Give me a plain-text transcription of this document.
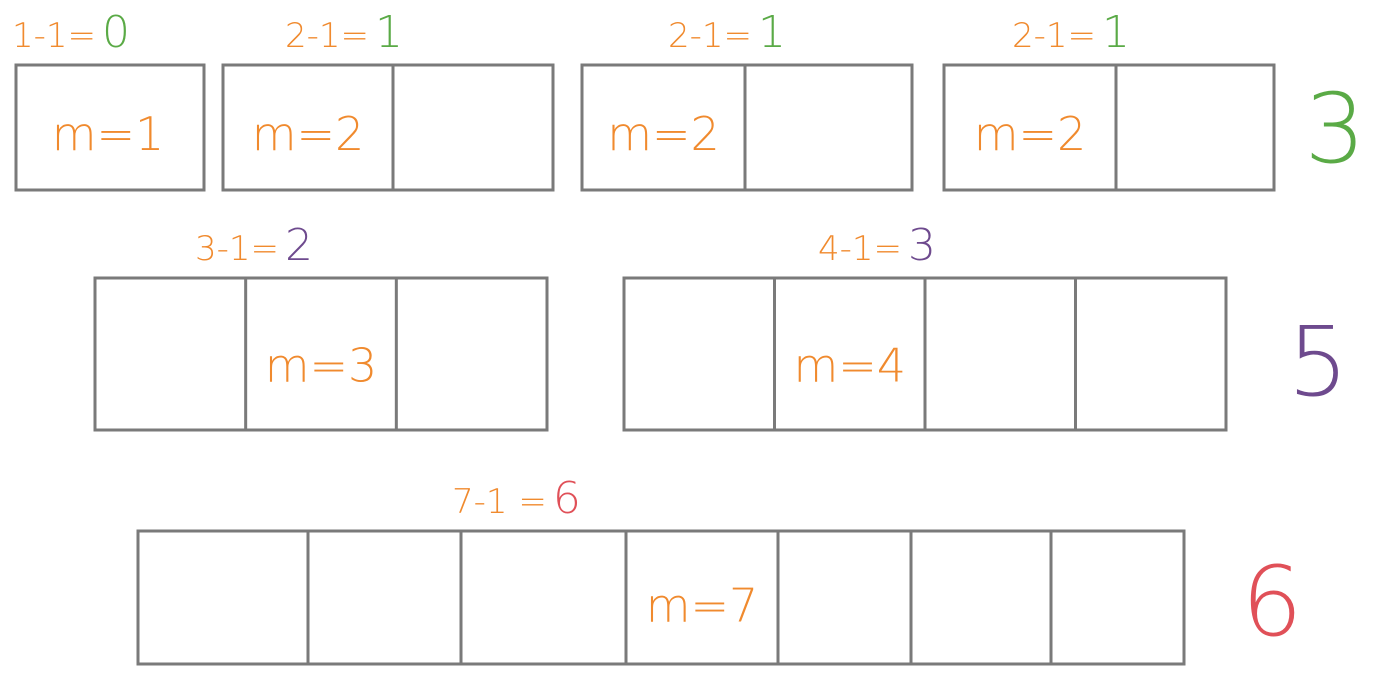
m=1
1-1= 0
m=2
2-1= 1
m=2
2-1= 1
m=2
2-1= 1
3
m=3
3-1= 2
m=4
4-1= 3
5
m=7
7-1 = 6
6
